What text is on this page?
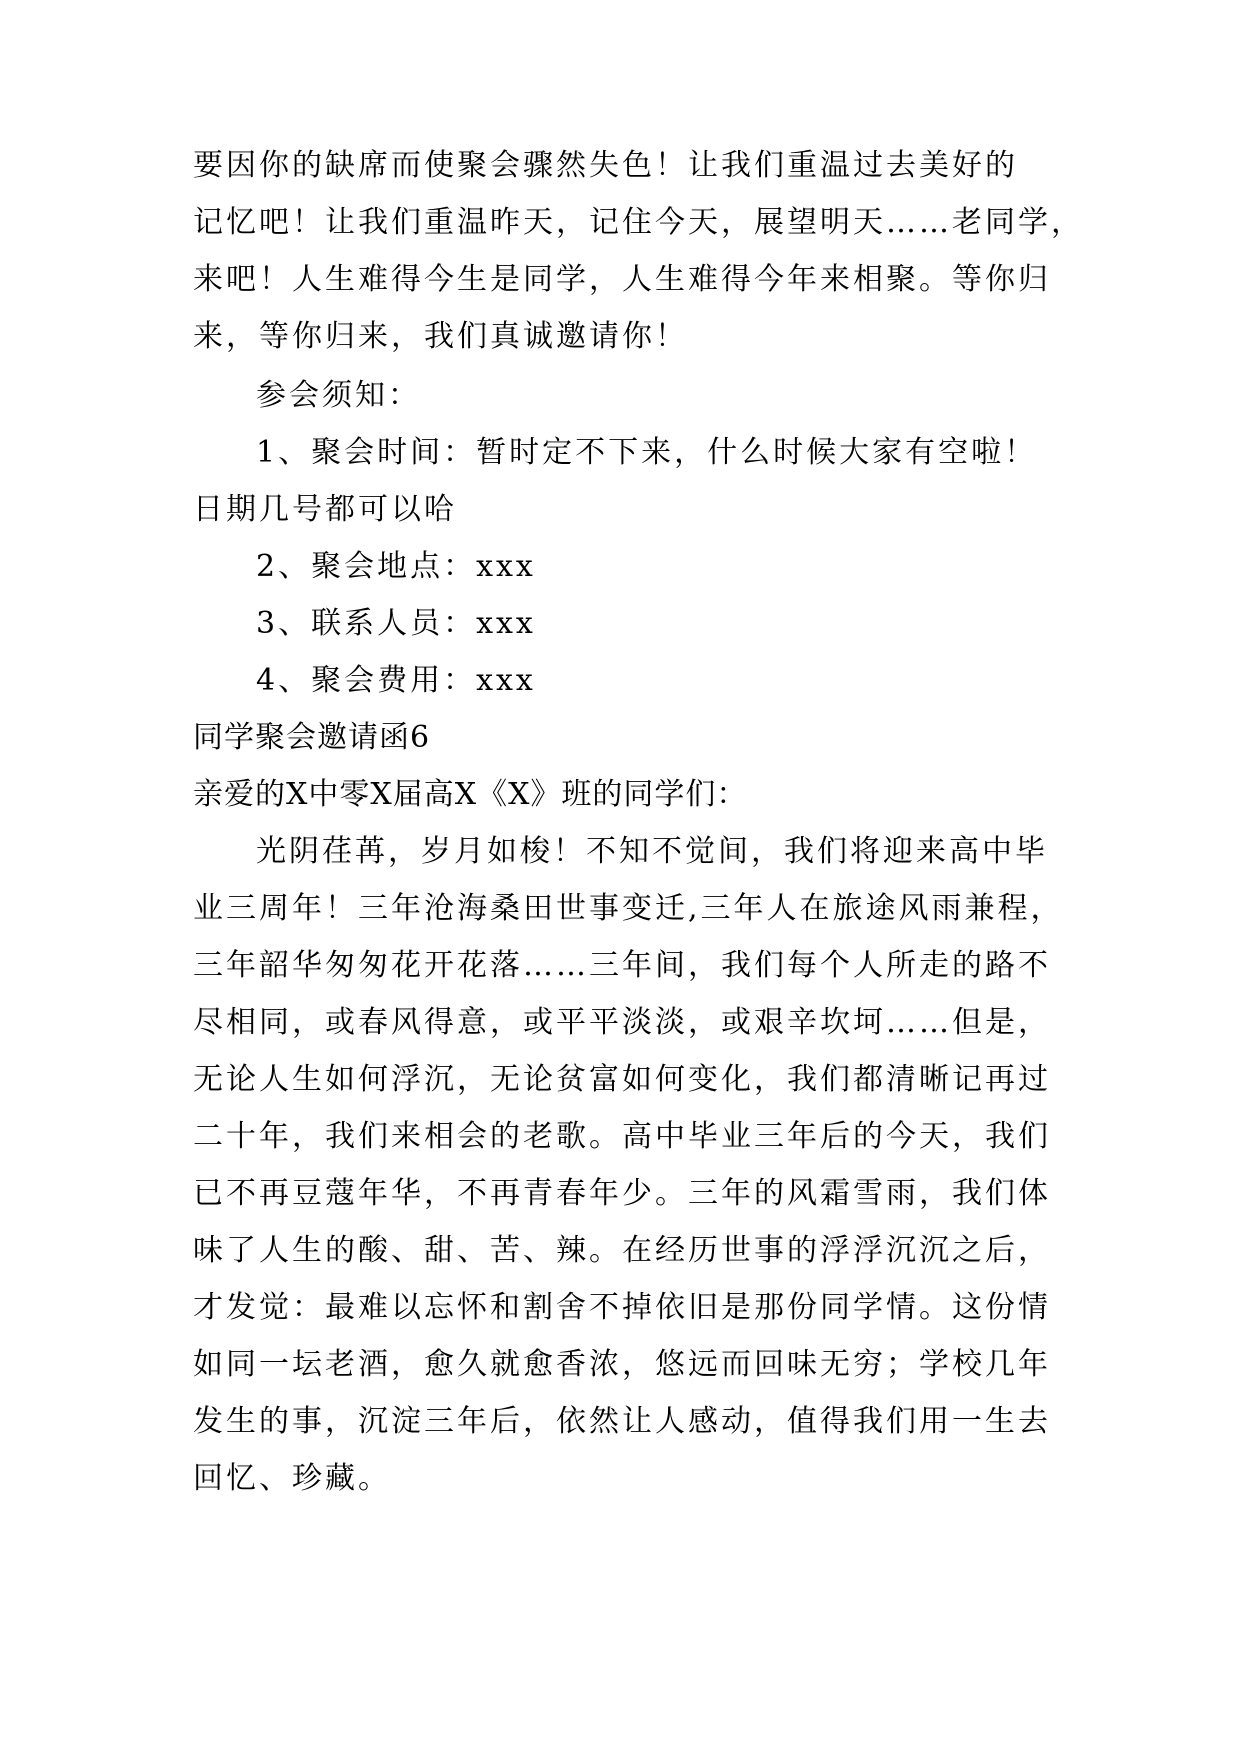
要因你的缺席而使聚会骤然失色！让我们重温过去美好的
记忆吧！让我们重温昨天，记住今天，展望明天……老同学，
来吧！人生难得今生是同学，人生难得今年来相聚。等你归
来，等你归来，我们真诚邀请你！
参会须知：
1、聚会时间：暂时定不下来，什么时候大家有空啦！
日期几号都可以哈
2、聚会地点：xxx
3、联系人员：xxx
4、聚会费用：xxx
同学聚会邀请函6
亲爱的X中零X届高X《X》班的同学们：
光阴荏苒，岁月如梭！不知不觉间，我们将迎来高中毕
业三周年！三年沧海桑田世事变迁,三年人在旅途风雨兼程，
三年韶华匆匆花开花落……三年间，我们每个人所走的路不
尽相同，或春风得意，或平平淡淡，或艰辛坎坷……但是，
无论人生如何浮沉，无论贫富如何变化，我们都清晰记再过
二十年，我们来相会的老歌。高中毕业三年后的今天，我们
已不再豆蔻年华，不再青春年少。三年的风霜雪雨，我们体
味了人生的酸、甜、苦、辣。在经历世事的浮浮沉沉之后，
才发觉：最难以忘怀和割舍不掉依旧是那份同学情。这份情
如同一坛老酒，愈久就愈香浓，悠远而回味无穷；学校几年
发生的事，沉淀三年后，依然让人感动，值得我们用一生去
回忆、珍藏。
